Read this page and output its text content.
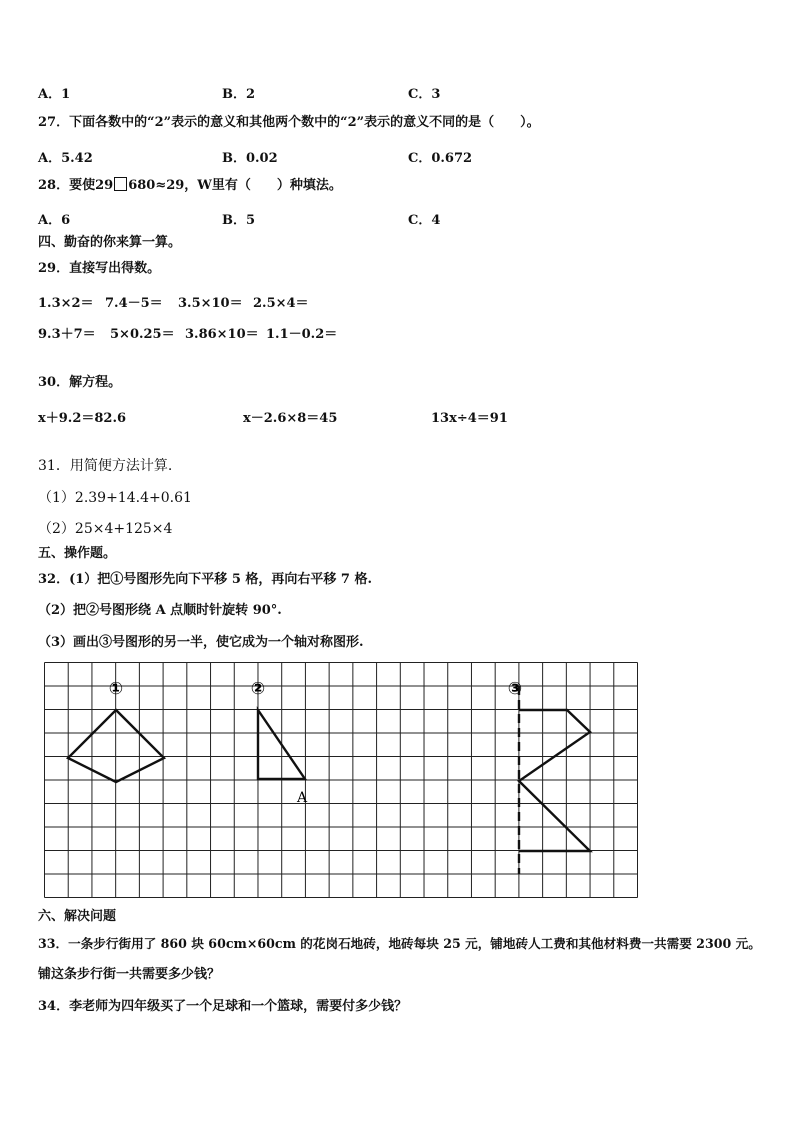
A．1	B．2	C．3
27．下面各数中的“2”表示的意义和其他两个数中的“2”表示的意义不同的是（　　）。
A．5.42	B．0.02	C．0.672
28．要使29 680≈29，W里有（　　）种填法。
A．6	B．5	C．4
四、勤奋的你来算一算。
29．直接写出得数。
1.3×2＝ 7.4－5＝ 3.5×10＝ 2.5×4＝
9.3＋7＝ 5×0.25＝ 3.86×10＝ 1.1－0.2＝
30．解方程。
x＋9.2＝82.6	x－2.6×8＝45	13x÷4＝91
31．用简便方法计算.
（1）2.39+14.4+0.61
（2）25×4+125×4
五、操作题。
32．(1）把①号图形先向下平移 5 格，再向右平移 7 格.
（2）把②号图形绕 A 点顺时针旋转 90°.
（3）画出③号图形的另一半，使它成为一个轴对称图形.
①	②
A
③
六、解决问题
33．一条步行街用了 860 块 60cm×60cm 的花岗石地砖，地砖每块 25 元，铺地砖人工费和其他材料费一共需要 2300 元。
铺这条步行街一共需要多少钱？
34．李老师为四年级买了一个足球和一个篮球，需要付多少钱？
